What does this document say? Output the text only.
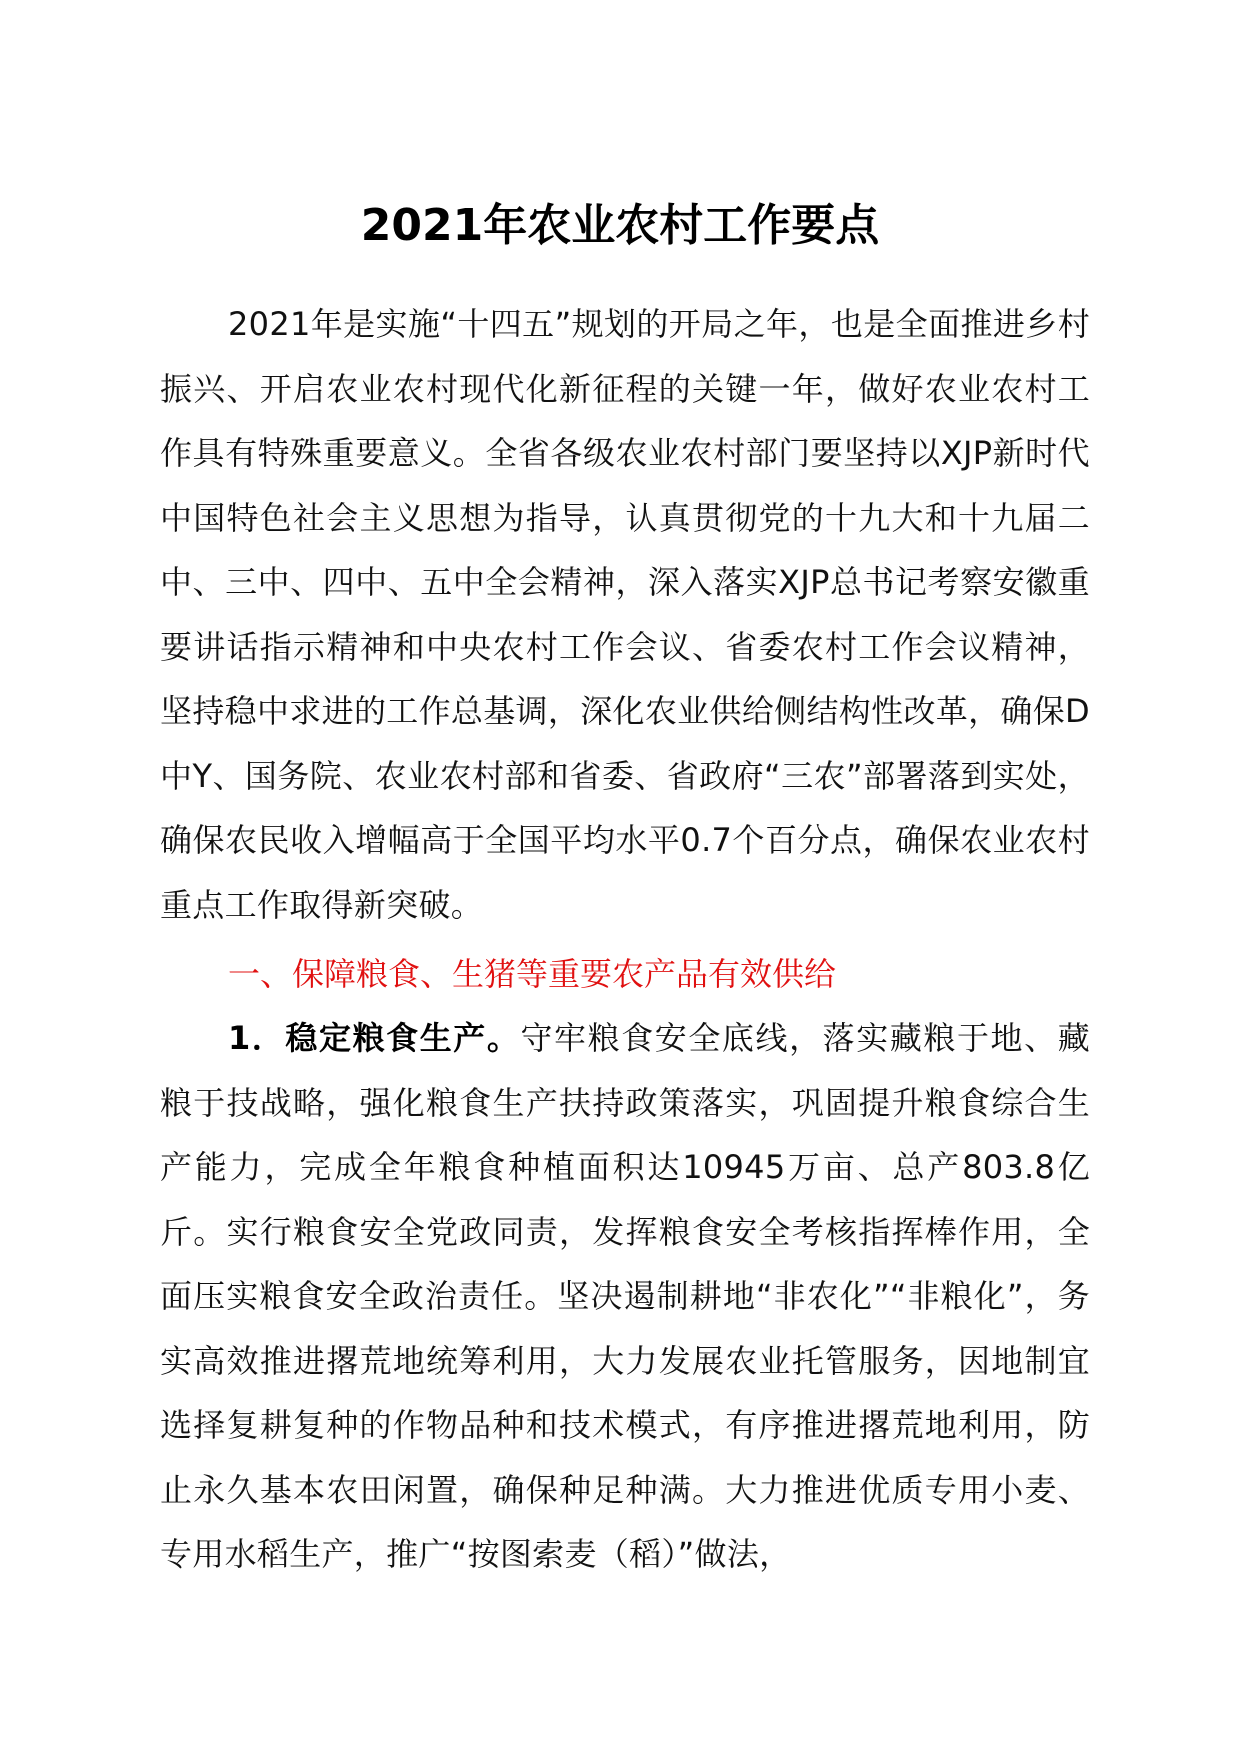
2021年农业农村工作要点

2021年是实施“十四五”规划的开局之年，也是全面推进乡村振兴、开启农业农村现代化新征程的关键一年，做好农业农村工作具有特殊重要意义。全省各级农业农村部门要坚持以XJP新时代中国特色社会主义思想为指导，认真贯彻党的十九大和十九届二中、三中、四中、五中全会精神，深入落实XJP总书记考察安徽重要讲话指示精神和中央农村工作会议、省委农村工作会议精神，坚持稳中求进的工作总基调，深化农业供给侧结构性改革，确保D中Y、国务院、农业农村部和省委、省政府“三农”部署落到实处，确保农民收入增幅高于全国平均水平0.7个百分点，确保农业农村重点工作取得新突破。

一、保障粮食、生猪等重要农产品有效供给

1．稳定粮食生产。守牢粮食安全底线，落实藏粮于地、藏粮于技战略，强化粮食生产扶持政策落实，巩固提升粮食综合生产能力，完成全年粮食种植面积达10945万亩、总产803.8亿斤。实行粮食安全党政同责，发挥粮食安全考核指挥棒作用，全面压实粮食安全政治责任。坚决遏制耕地“非农化”“非粮化”，务实高效推进撂荒地统筹利用，大力发展农业托管服务，因地制宜选择复耕复种的作物品种和技术模式，有序推进撂荒地利用，防止永久基本农田闲置，确保种足种满。大力推进优质专用小麦、专用水稻生产，推广“按图索麦（稻）”做法，
